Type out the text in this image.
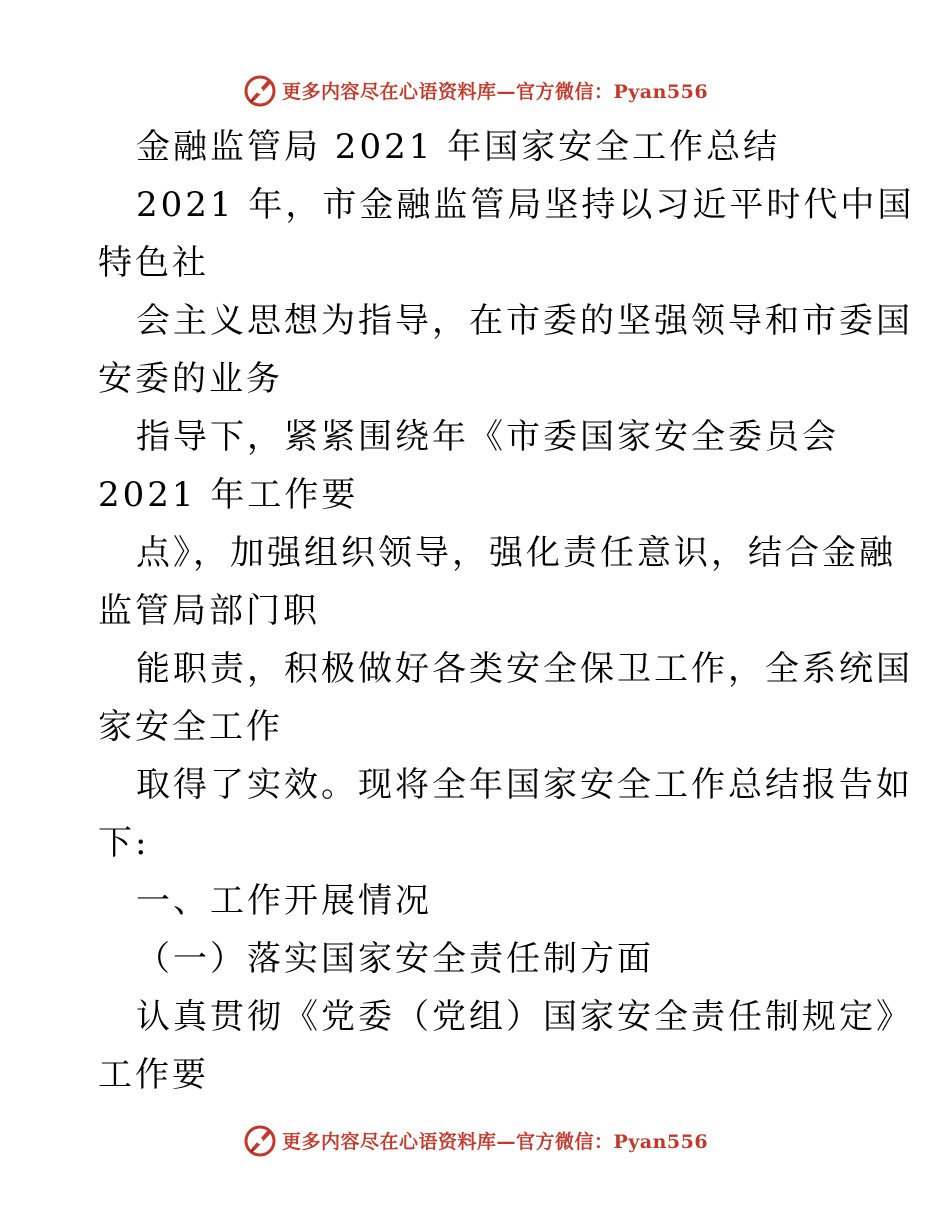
更多内容尽在心语资料库—官方微信：Pyan556
金融监管局 2021 年国家安全工作总结
2021 年，市金融监管局坚持以习近平时代中国
特色社
会主义思想为指导，在市委的坚强领导和市委国
安委的业务
指导下，紧紧围绕年《市委国家安全委员会
2021 年工作要
点》，加强组织领导，强化责任意识，结合金融
监管局部门职
能职责，积极做好各类安全保卫工作，全系统国
家安全工作
取得了实效。现将全年国家安全工作总结报告如
下:
一、工作开展情况
（一）落实国家安全责任制方面
认真贯彻《党委（党组）国家安全责任制规定》
工作要
更多内容尽在心语资料库—官方微信：Pyan556
